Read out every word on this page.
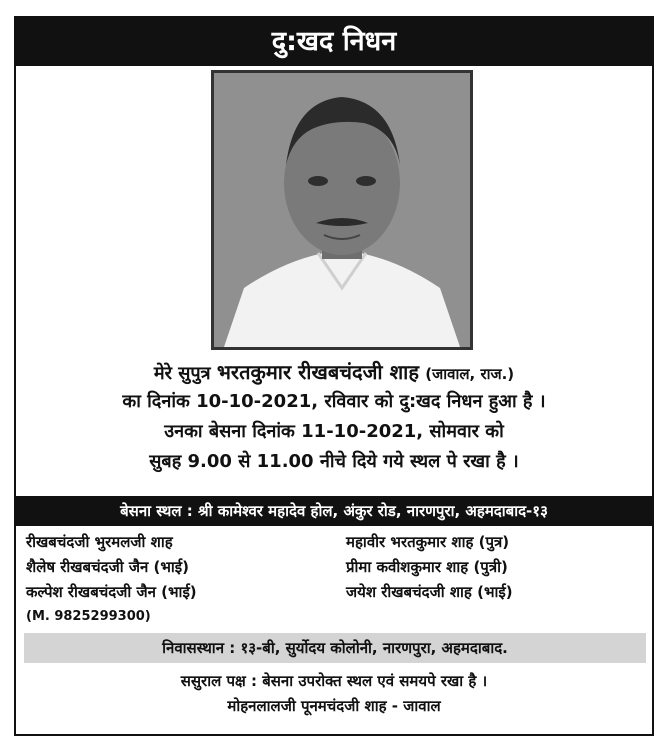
दु:खद निधन
मेरे सुपुत्र भरतकुमार रीखबचंदजी शाह (जावाल, राज.)
का दिनांक 10-10-2021, रविवार को दु:खद निधन हुआ है ।
उनका बेसना दिनांक 11-10-2021, सोमवार को
सुबह 9.00 से 11.00 नीचे दिये गये स्थल पे रखा है ।
बेसना स्थल : श्री कामेश्वर महादेव होल, अंकुर रोड, नारणपुरा, अहमदाबाद-१३
रीखबचंदजी भुरमलजी शाह
शैलेष रीखबचंदजी जैन (भाई)
कल्पेश रीखबचंदजी जैन (भाई)
(M. 9825299300)
महावीर भरतकुमार शाह (पुत्र)
प्रीमा कवीशकुमार शाह (पुत्री)
जयेश रीखबचंदजी शाह (भाई)
निवासस्थान : १३-बी, सुर्योदय कोलोनी, नारणपुरा, अहमदाबाद.
ससुराल पक्ष : बेसना उपरोक्त स्थल एवं समयपे रखा है ।
मोहनलालजी पूनमचंदजी शाह - जावाल
